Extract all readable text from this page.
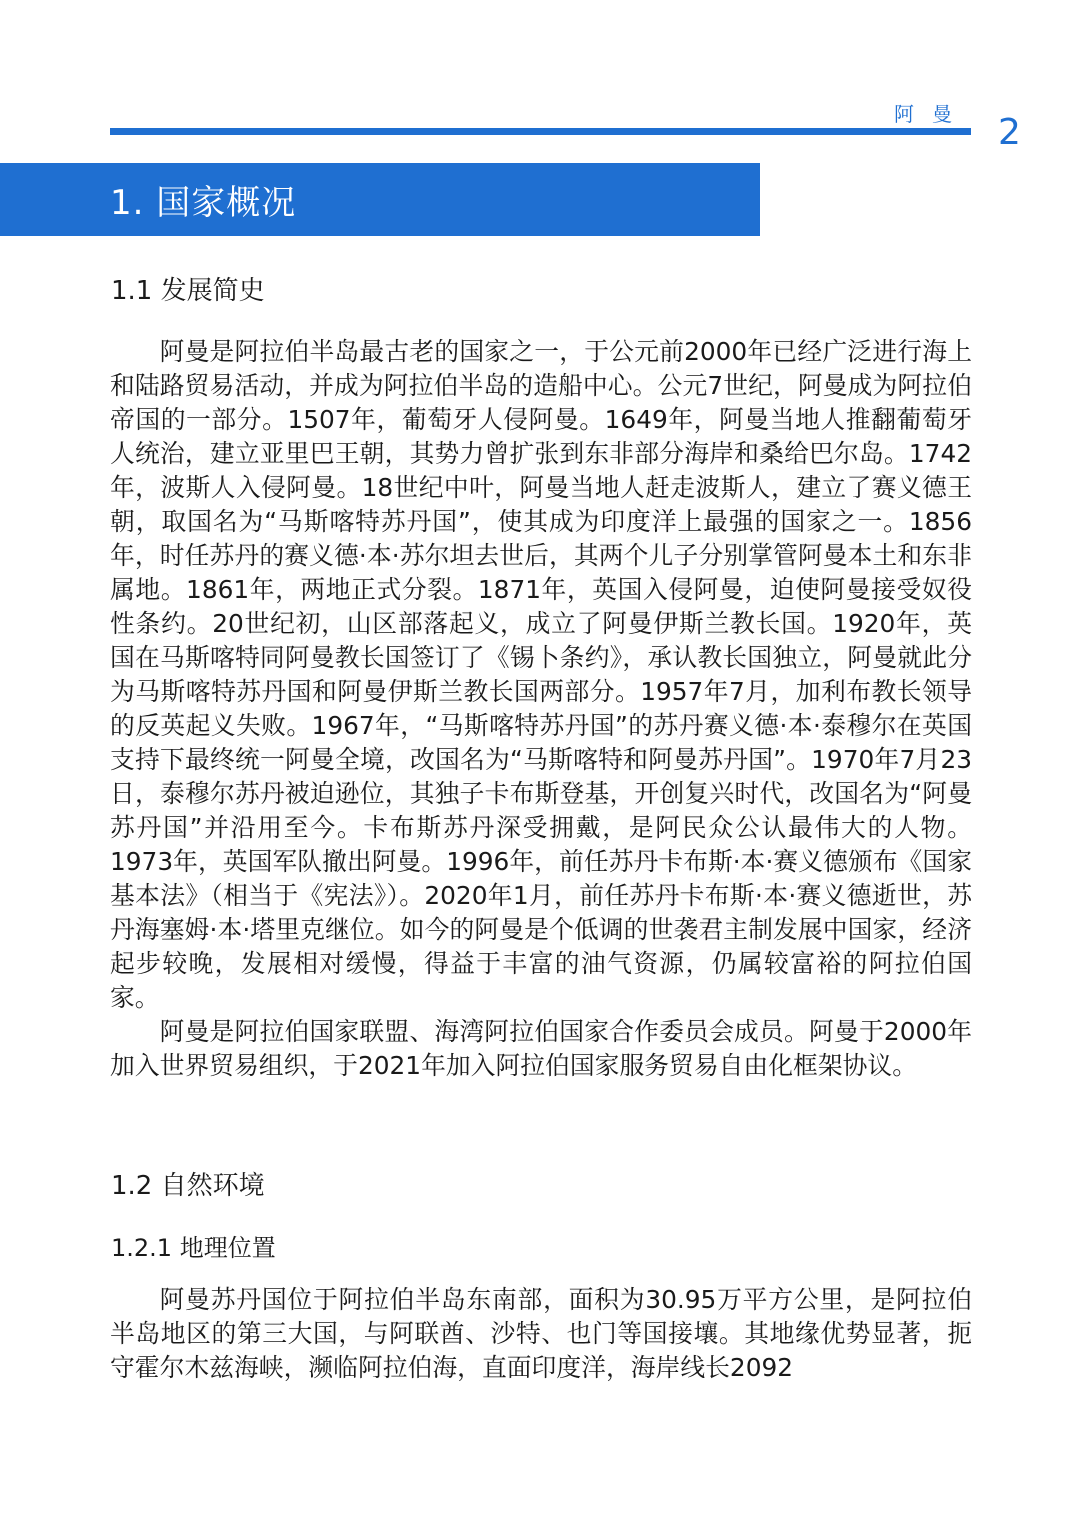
阿曼 2
1. 国家概况
1.1 发展简史

阿曼是阿拉伯半岛最古老的国家之一，于公元前2000年已经广泛进行海上和陆路贸易活动，并成为阿拉伯半岛的造船中心。公元7世纪，阿曼成为阿拉伯帝国的一部分。1507年，葡萄牙人侵阿曼。1649年，阿曼当地人推翻葡萄牙人统治，建立亚里巴王朝，其势力曾扩张到东非部分海岸和桑给巴尔岛。1742年，波斯人入侵阿曼。18世纪中叶，阿曼当地人赶走波斯人，建立了赛义德王朝，取国名为“马斯喀特苏丹国”，使其成为印度洋上最强的国家之一。1856年，时任苏丹的赛义德·本·苏尔坦去世后，其两个儿子分别掌管阿曼本土和东非属地。1861年，两地正式分裂。1871年，英国入侵阿曼，迫使阿曼接受奴役性条约。20世纪初，山区部落起义，成立了阿曼伊斯兰教长国。1920年，英国在马斯喀特同阿曼教长国签订了《锡卜条约》，承认教长国独立，阿曼就此分为马斯喀特苏丹国和阿曼伊斯兰教长国两部分。1957年7月，加利布教长领导的反英起义失败。1967年，“马斯喀特苏丹国”的苏丹赛义德·本·泰穆尔在英国支持下最终统一阿曼全境，改国名为“马斯喀特和阿曼苏丹国”。1970年7月23日，泰穆尔苏丹被迫逊位，其独子卡布斯登基，开创复兴时代，改国名为“阿曼苏丹国”并沿用至今。卡布斯苏丹深受拥戴，是阿民众公认最伟大的人物。1973年，英国军队撤出阿曼。1996年，前任苏丹卡布斯·本·赛义德颁布《国家基本法》（相当于《宪法》）。2020年1月，前任苏丹卡布斯·本·赛义德逝世，苏丹海塞姆·本·塔里克继位。如今的阿曼是个低调的世袭君主制发展中国家，经济起步较晚，发展相对缓慢，得益于丰富的油气资源，仍属较富裕的阿拉伯国家。

阿曼是阿拉伯国家联盟、海湾阿拉伯国家合作委员会成员。阿曼于2000年加入世界贸易组织，于2021年加入阿拉伯国家服务贸易自由化框架协议。

1.2 自然环境
1.2.1 地理位置

阿曼苏丹国位于阿拉伯半岛东南部，面积为30.95万平方公里，是阿拉伯半岛地区的第三大国，与阿联酋、沙特、也门等国接壤。其地缘优势显著，扼守霍尔木兹海峡，濒临阿拉伯海，直面印度洋，海岸线长2092
